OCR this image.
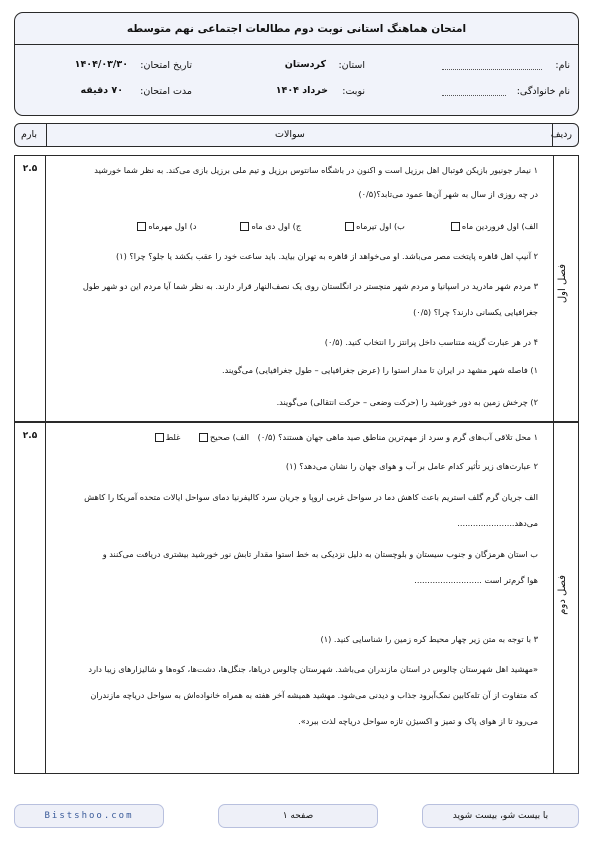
امتحان هماهنگ استانی نوبت دوم مطالعات اجتماعی نهم متوسطه
نام:
نام خانوادگی:
استان:
کردستان
نوبت:
خرداد ۱۴۰۴
تاریخ امتحان:
۱۴۰۴/۰۳/۳۰
مدت امتحان:
۷۰ دقیقه
ردیف
سوالات
بارم
۲.۵
فصل اول
۱ نیمار جونیور بازیکن فوتبال اهل برزیل است و اکنون در باشگاه سانتوس برزیل و تیم ملی برزیل بازی می‌کند. به نظر شما خورشید
در چه روزی از سال به شهر آن‌ها عمود می‌تابد؟(۰/۵)
الف) اول فروردین ماه
ب) اول تیرماه
ج) اول دی ماه
د) اول مهرماه
۲ آنیپ اهل قاهره پایتخت مصر می‌باشد. او می‌خواهد از قاهره به تهران بیاید. باید ساعت خود را عقب بکشد یا جلو؟ چرا؟ (۱)
۳ مردم شهر مادرید در اسپانیا و مردم شهر منچستر در انگلستان روی یک نصف‌النهار قرار دارند. به نظر شما آیا مردم این دو شهر طول
جغرافیایی یکسانی دارند؟ چرا؟ (۰/۵)
۴ در هر عبارت گزینه متناسب داخل پرانتز را انتخاب کنید. (۰/۵)
۱) فاصله شهر مشهد در ایران تا مدار استوا را (عرض جغرافیایی – طول جغرافیایی) می‌گویند.
۲) چرخش زمین به دور خورشید را (حرکت وضعی – حرکت انتقالی) می‌گویند.
۲.۵
فصل دوم
۱ محل تلاقی آب‌های گرم و سرد از مهم‌ترین مناطق صید ماهی جهان هستند؟ (۰/۵) الف) صحیح غلط
۲ عبارت‌های زیر تأثیر کدام عامل بر آب و هوای جهان را نشان می‌دهد؟ (۱)
الف جریان گرم گلف استریم باعث کاهش دما در سواحل غربی اروپا و جریان سرد کالیفرنیا دمای سواحل ایالات متحده آمریکا را کاهش
می‌دهد......................
ب استان هرمزگان و جنوب سیستان و بلوچستان به دلیل نزدیکی به خط استوا مقدار تابش نور خورشید بیشتری دریافت می‌کنند و
هوا گرم‌تر است ..........................
۳ با توجه به متن زیر چهار محیط کره زمین را شناسایی کنید. (۱)
«مهشید اهل شهرستان چالوس در استان مازندران می‌باشد. شهرستان چالوس دریاها، جنگل‌ها، دشت‌ها، کوه‌ها و شالیزارهای زیبا دارد
که متفاوت از آن تله‌کابین نمک‌آبرود جذاب و دیدنی می‌شود. مهشید همیشه آخر هفته به همراه خانواده‌اش به سواحل دریاچه مازندران
می‌رود تا از هوای پاک و تمیز و اکسیژن تازه سواحل دریاچه لذت ببرد».
Bistshoo.com	صفحه ۱	با بیست شو، بیست شوید
